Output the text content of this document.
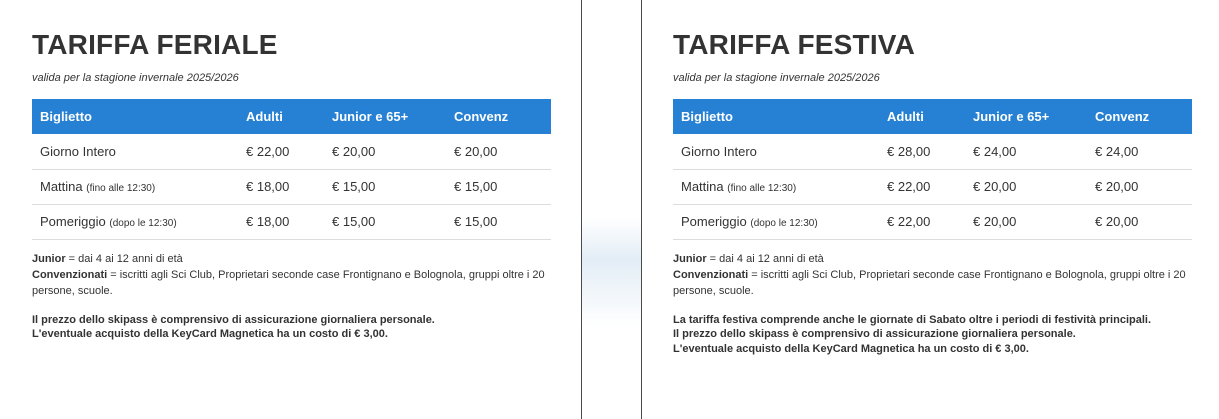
TARIFFA FERIALE
valida per la stagione invernale 2025/2026
Biglietto	Adulti	Junior e 65+	Convenz
Giorno Intero	€ 22,00	€ 20,00	€ 20,00
Mattina (fino alle 12:30)	€ 18,00	€ 15,00	€ 15,00
Pomeriggio (dopo le 12:30)	€ 18,00	€ 15,00	€ 15,00
Junior = dai 4 ai 12 anni di età
Convenzionati = iscritti agli Sci Club, Proprietari seconde case Frontignano e Bolognola, gruppi oltre i 20 persone, scuole.
Il prezzo dello skipass è comprensivo di assicurazione giornaliera personale.
L'eventuale acquisto della KeyCard Magnetica ha un costo di € 3,00.
TARIFFA FESTIVA
valida per la stagione invernale 2025/2026
Biglietto	Adulti	Junior e 65+	Convenz
Giorno Intero	€ 28,00	€ 24,00	€ 24,00
Mattina (fino alle 12:30)	€ 22,00	€ 20,00	€ 20,00
Pomeriggio (dopo le 12:30)	€ 22,00	€ 20,00	€ 20,00
Junior = dai 4 ai 12 anni di età
Convenzionati = iscritti agli Sci Club, Proprietari seconde case Frontignano e Bolognola, gruppi oltre i 20 persone, scuole.
La tariffa festiva comprende anche le giornate di Sabato oltre i periodi di festività principali.
Il prezzo dello skipass è comprensivo di assicurazione giornaliera personale.
L'eventuale acquisto della KeyCard Magnetica ha un costo di € 3,00.
